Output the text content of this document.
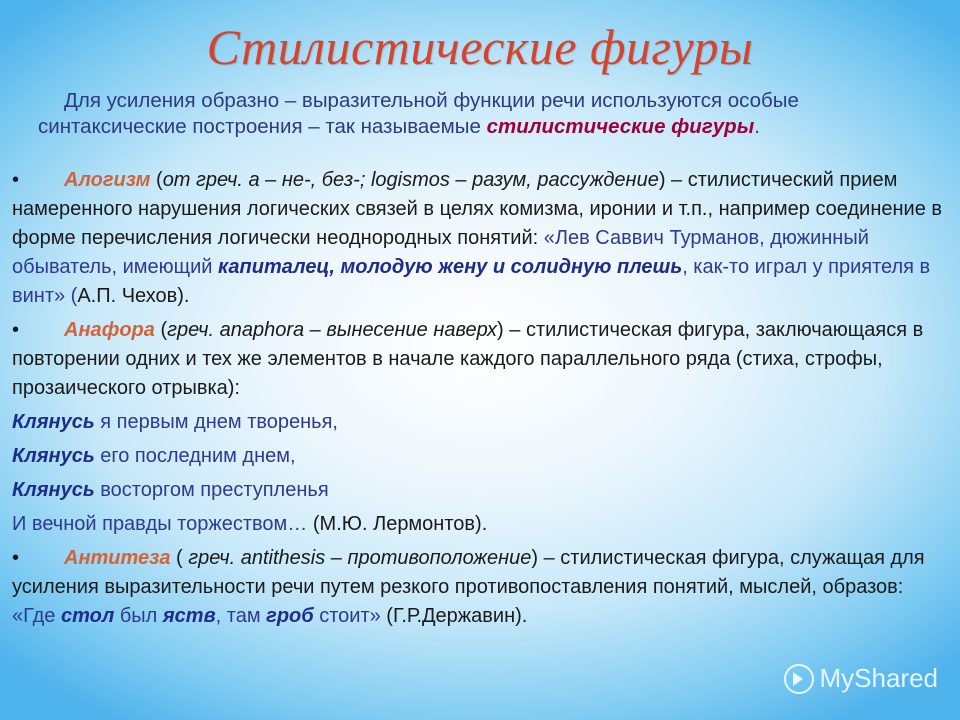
Стилистические фигуры
Для усиления образно – выразительной функции речи используются особые синтаксические построения – так называемые стилистические фигуры.

• Алогизм (от греч. а – не-, без-; logismos – разум, рассуждение) – стилистический прием намеренного нарушения логических связей в целях комизма, иронии и т.п., например соединение в форме перечисления логически неоднородных понятий: «Лев Саввич Турманов, дюжинный обыватель, имеющий капиталец, молодую жену и солидную плешь, как-то играл у приятеля в винт» (А.П. Чехов).

• Анафора (греч. anaphora – вынесение наверх) – стилистическая фигура, заключающаяся в повторении одних и тех же элементов в начале каждого параллельного ряда (стиха, строфы, прозаического отрывка):

Клянусь я первым днем творенья,

Клянусь его последним днем,

Клянусь восторгом преступленья

И вечной правды торжеством… (М.Ю. Лермонтов).

• Антитеза ( греч. antithesis – противоположение) – стилистическая фигура, служащая для усиления выразительности речи путем резкого противопоставления понятий, мыслей, образов: «Где стол был яств, там гроб стоит» (Г.Р.Державин).

MyShared
